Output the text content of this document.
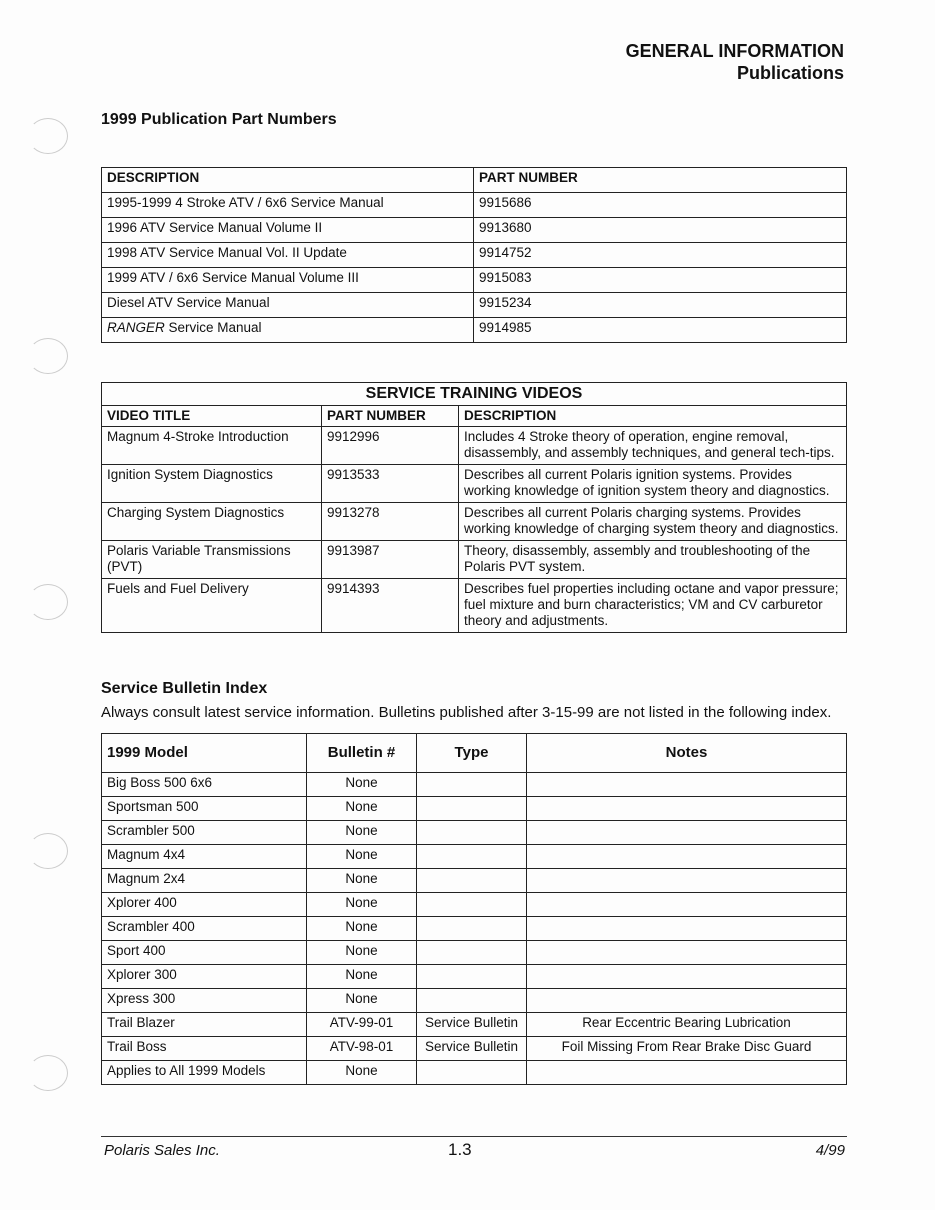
GENERAL INFORMATION
Publications
1999 Publication Part Numbers
DESCRIPTION	PART NUMBER
1995-1999 4 Stroke ATV / 6x6 Service Manual	9915686
1996 ATV Service Manual Volume II	9913680
1998 ATV Service Manual Vol. II Update	9914752
1999 ATV / 6x6 Service Manual Volume III	9915083
Diesel ATV Service Manual	9915234
RANGER Service Manual	9914985
SERVICE TRAINING VIDEOS		
VIDEO TITLE	PART NUMBER	DESCRIPTION
Magnum 4-Stroke Introduction	9912996	Includes 4 Stroke theory of operation, engine removal, disassembly, and assembly techniques, and general tech-tips.
Ignition System Diagnostics	9913533	Describes all current Polaris ignition systems. Provides working knowledge of ignition system theory and diagnostics.
Charging System Diagnostics	9913278	Describes all current Polaris charging systems. Provides working knowledge of charging system theory and diagnostics.
Polaris Variable Transmissions (PVT)	9913987	Theory, disassembly, assembly and troubleshooting of the Polaris PVT system.
Fuels and Fuel Delivery	9914393	Describes fuel properties including octane and vapor pressure; fuel mixture and burn characteristics; VM and CV carburetor theory and adjustments.
Service Bulletin Index
Always consult latest service information. Bulletins published after 3-15-99 are not listed in the following index.
1999 Model	Bulletin #	Type	Notes
Big Boss 500 6x6	None		
Sportsman 500	None		
Scrambler 500	None		
Magnum 4x4	None		
Magnum 2x4	None		
Xplorer 400	None		
Scrambler 400	None		
Sport 400	None		
Xplorer 300	None		
Xpress 300	None		
Trail Blazer	ATV-99-01	Service Bulletin	Rear Eccentric Bearing Lubrication
Trail Boss	ATV-98-01	Service Bulletin	Foil Missing From Rear Brake Disc Guard
Applies to All 1999 Models	None		
Polaris Sales Inc.	1.3	4/99
